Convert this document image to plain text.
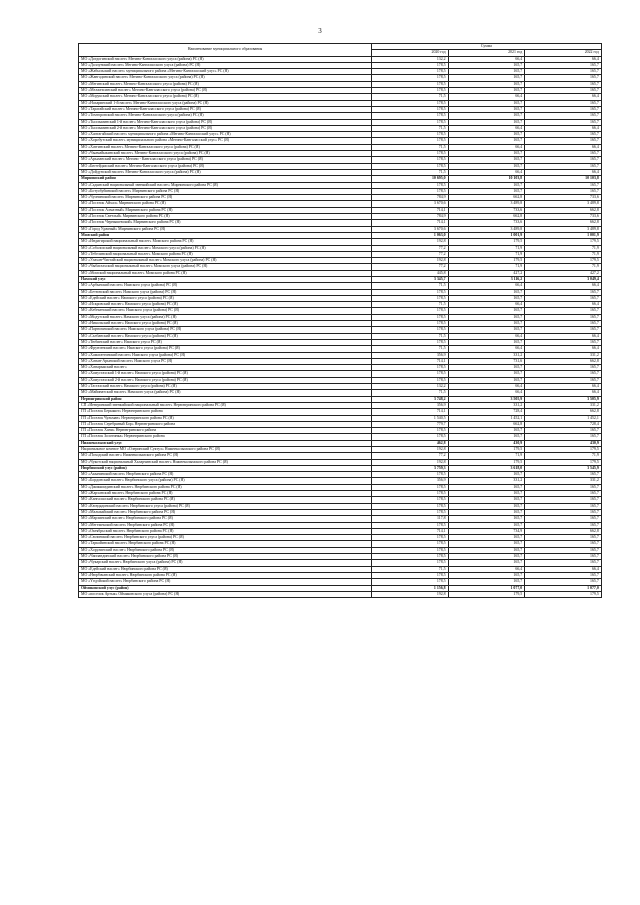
3
Наименование муниципального образования	Сумма		
	2020 год	2021 год	2022 год
МО «Догдогинский наслег» Мегино-Кангаласского улуса (района) РС (Я)	132,2	66,4	66,4
МО «Доллунский наслег» Мегино-Кангаласского улуса (района) РС (Я)	178,5	165,7	165,7
МО «Жабыльский наслег» муниципального района «Мегино-Кангаласский улус» РС (Я)	178,5	165,7	165,7
МО «Жангадинский наслег» Мегино-Кангаласского улуса (района) РС (Я)	178,5	165,7	165,7
МО «Мегинский наслег» Мегино-Кангаласского улуса (района) РС (Я)	178,5	165,7	165,7
МО «Мелжехсинский наслег» Мегино-Кангаласского улуса (района) РС (Я)	178,5	165,7	165,7
МО «Морукский наслег» Мегино-Кангаласского улуса (района) РС (Я)	71,5	66,4	66,4
МО «Нахаринский 1-й наслег» Мегино-Кангаласского улуса (района) РС (Я)	178,5	165,7	165,7
МО «Тарагайский наслег» Мегино-Кангаласского улуса (района) РС (Я)	178,5	165,7	165,7
МО «Томторовский наслег» Мегино-Кангаласского улуса (района) РС (Я)	178,5	165,7	165,7
МО «Тыллыминский 1-й наслег» Мегино-Кангаласского улуса (района) РС (Я)	178,5	165,7	165,7
МО «Тыллыминский 2-й наслег» Мегино-Кангаласского улуса (района) РС (Я)	71,5	66,4	66,4
МО «Хаптагайский наслег» муниципального района «Мегино-Кангаласский улус» РС (Я)	178,5	165,7	165,7
МО «Хоробутский наслег» муниципального района «Мегино-Кангаласский улус» РС (Я)	178,5	165,7	165,7
МО «Хатгинский наслег» Мегино-Кангаласского улуса (района) РС (Я)	71,5	66,4	66,4
МО «Чыамайыкинский наслег» Мегино-Кангаласского улуса (района) РС (Я)	178,5	165,7	165,7
МО «Арыланский наслег» Мегино - Кангаласского улуса (района) РС (Я)	178,5	165,7	165,7
МО «Бютейдяхский наслег» Мегино-Кангаласского улуса (района) РС (Я)	178,5	165,7	165,7
МО «Дойдунский наслег» Мегино-Кангаласского улуса (района) РС (Я)	71,5	66,4	66,4
Мирнинский район	10 695,0	10 103,8	10 103,8
МО «Садынский национальный эвенкийский наслег» Мирнинского района РС (Я)	178,5	165,7	165,7
МО «Ботуобуйинский наслег» Мирнинского района РС (Я)	178,5	165,7	165,7
МО «Чуонинский наслег» Мирнинского района РС (Я)	784,9	662,8	733,6
МО «Поселок Айхал» Мирнинского района РС (Я)	3 670,6	3 489,8	3 489,8
МО «Поселок Алмазный» Мирнинского района РС (Я)	714,1	733,6	662,8
МО «Поселок Светлый» Мирнинского района РС (Я)	784,9	662,8	733,6
МО «Поселок Чернышевский» Мирнинского района РС (Я)	714,1	733,6	662,8
МО «Город Удачный» Мирнинского района РС (Я)	3 670,6	3 489,8	3 489,8
Момский район	1 063,0	1 001,9	1 001,9
МО «Индигирский национальный наслег» Момского района РС (Я)	192,8	179,5	179,5
МО «Соболохский национальный наслег» Момского улуса (района) РС (Я)	77,2	71,9	71,9
МО «Тебелинский национальный наслег» Момского района РС (Я)	77,2	71,9	71,9
МО «Улахан-Чистайский национальный наслег» Момского улуса (района) РС (Я)	192,8	179,5	179,5
МО «Чыбаглахский национальный наслег» Момского улуса (района) РС (Я)	77,2	71,9	71,9
МО «Момский национальный наслег» Момского района РС (Я)	445,8	427,2	427,2
Намский улус	3 345,7	3 116,2	3 049,4
МО «Арбынский наслег» Намского улуса (района) РС (Я)	71,5	66,4	66,4
МО «Бетюнский наслег» Намского улуса (района) РС (Я)	178,5	165,7	165,7
МО «Едейский наслег» Намского улуса (района) РС (Я)	178,5	165,7	165,7
МО «Искровский наслег» Намского улуса (района) РС (Я)	71,5	66,4	66,4
МО «Кебекенский наслег» Намского улуса (района) РС (Я)	178,5	165,7	165,7
МО «Модутский наслег» Намского улуса (района) РС (Я)	178,5	165,7	165,7
МО «Никольский наслег» Намского улуса (района) РС (Я)	178,5	165,7	165,7
МО «Партизанский наслег» Намского улуса (района) РС (Я)	178,5	165,7	165,7
МО «Салбанский наслег» Намского улуса (района) РС (Я)	71,5	66,4	66,4
МО «Тюбинский наслег» Намского улуса РС (Я)	178,5	165,7	165,7
МО «Фрунзенский наслег» Намского улуса (района) РС (Я)	71,5	66,4	66,4
МО «Хамагаттинский наслег» Намского улуса (района) РС (Я)	356,9	331,2	331,2
МО «Хатын-Арынский наслег» Намского улуса РС (Я)	714,1	731,6	662,8
МО «Хатырыкский наслег»	178,5	165,7	165,7
МО «Хомустахский 1-й наслег» Намского улуса (района) РС (Я)	178,5	165,7	165,7
МО «Хомустахский 2-й наслег» Намского улуса (района) РС (Я)	178,5	165,7	165,7
МО «Тастахский наслег» Намского улуса (района) РС (Я)	132,2	66,4	66,4
МО «Майинатский наслег» Намского улуса (района) РС (Я)	71,5	66,4	66,4
Нерюнгринский район	3 748,2	3 505,9	3 505,9
СП «Иенгринский эвенкийский национальный наслег» Нерюнгринского района РС (Я)	356,9	331,2	331,2
ГП «Поселок Беркакит» Нерюнгринского района	714,1	728,4	662,8
ГП «Поселок Чульман» Нерюнгринского района РС (Я)	1 540,5	1 452,1	1 452,1
ГП «Поселок Серебряный Бор» Нерюнгринского района	779,7	662,8	728,4
ГП «Поселок Хани» Нерюнгринского района	178,5	165,7	165,7
ГП «Поселок Золотинка» Нерюнгринского района	178,5	165,7	165,7
Нижнеколымский улус	462,8	430,9	430,9
Национальное кочевое МО «Олеринский Суктул» Нижнеколымского района РС (Я)	192,8	179,5	179,5
МО «Походский наслег» Нижнеколымского района РС (Я)	77,2	71,9	71,9
МО «Чукотский национальный Халарчинский наслег» Нижнеколымского района РС (Я)	192,8	179,5	179,5
Нюрбинский улус (район)	3 759,3	3 618,0	3 545,9
МО «Акынинский наслег» Нюрбинского района РС (Я)	178,5	165,7	165,7
МО «Бордонский наслег» Нюрбинского улуса (района) РС (Я)	356,9	331,2	331,2
МО «Джиккимдинский наслег» Нюрбинского района РС (Я)	178,5	165,7	165,7
МО «Жарханский наслег» Нюрбинского района РС (Я)	178,5	165,7	165,7
МО «Кангаласский наслег» Нюрбинского района РС (Я)	178,5	165,7	165,7
МО «Кюндядинский наслег» Нюрбинского улуса (района) РС (Я)	178,5	165,7	165,7
МО «Малыкайский наслег» Нюрбинского района РС (Я)	178,5	165,7	165,7
МО «Мархинский наслег» Нюрбинского района РС (Я)	117,8	165,7	165,7
МО «Мегежекский наслег» Нюрбинского района РС (Я)	178,5	165,7	165,7
МО «Октябрьский наслег» Нюрбинского района РС (Я)	714,1	734,9	662,8
МО «Сюлинский наслег» Нюрбинского улуса (района) РС (Я)	178,5	165,7	165,7
МО «Таркайинский наслег» Нюрбинского района РС (Я)	178,5	165,7	165,7
МО «Хорулинский наслег» Нюрбинского района РС (Я)	178,5	165,7	165,7
МО «Чаппандинский наслег» Нюрбинского района РС (Я)	178,5	165,7	165,7
МО «Чукарский наслег» Нюрбинского улуса (района) РС (Я)	178,5	165,7	165,7
МО «Едейский наслег» Нюрбинского района РС (Я)	71,5	66,4	66,4
МО «Нюрбачанский наслег» Нюрбинского района РС (Я)	178,5	165,7	165,7
МО «Үөдэйский наслег» Нюрбинского района РС (Я)	178,5	165,7	165,7
Оймяконский улус (район)	1 156,8	1 077,0	1 077,0
МО «поселок Артык» Оймяконского улуса (района) РС (Я)	192,8	179,5	179,5
